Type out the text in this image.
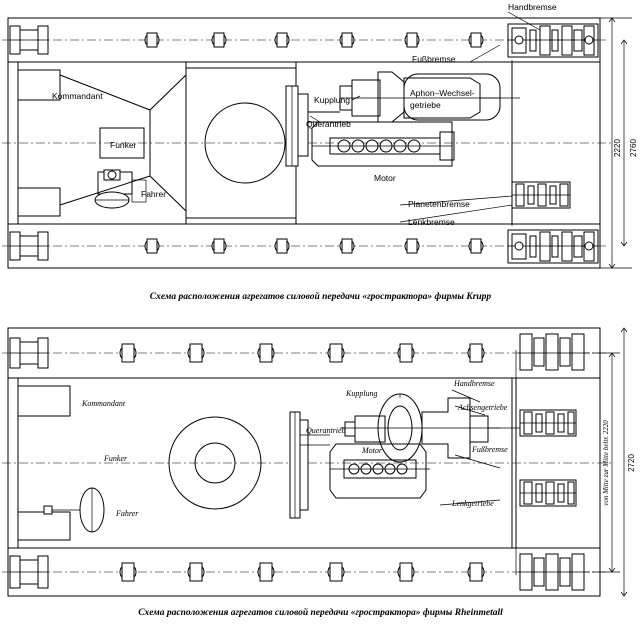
Handbremse
Fußbremse
Kommandant	Kupplung
Aphon–Wechsel-
getriebe
Funker
Querantrieb
Motor
Fahrer
Planetenbremse
Lenkbremse
2760
2220
Схема расположения агрегатов силовой передачи «гростpактора» фирмы Krupp
Kommandant
Kupplung
Handbremse
Achsengetriebe
Querantrieb
Funker
Motor	Fußbremse
Fahrer
Lenkgetriebe	von Mitte zur Mitte beltr. 2220 2720
Схема расположения агрегатов силовой передачи «гростpактора» фирмы Rheinmetall
